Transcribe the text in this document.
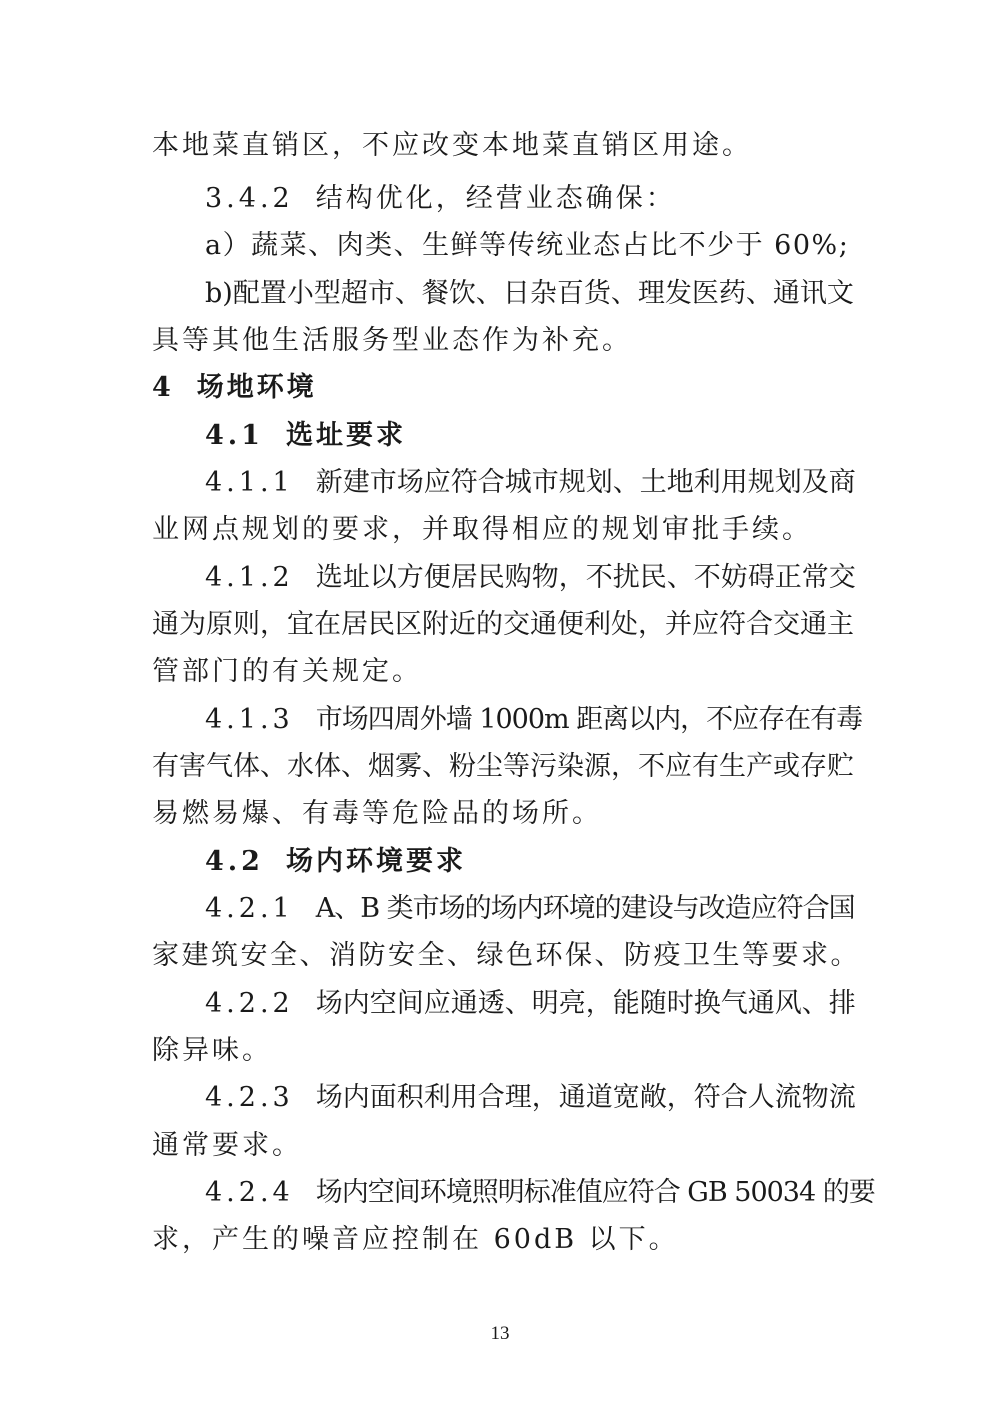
本地菜直销区，不应改变本地菜直销区用途。
3.4.2 结构优化，经营业态确保：
a）蔬菜、肉类、生鲜等传统业态占比不少于 60%;
b)配置小型超市、餐饮、日杂百货、理发医药、通讯文
具等其他生活服务型业态作为补充。
4 场地环境
4.1 选址要求
4.1.1 新建市场应符合城市规划、土地利用规划及商
业网点规划的要求，并取得相应的规划审批手续。
4.1.2 选址以方便居民购物，不扰民、不妨碍正常交
通为原则，宜在居民区附近的交通便利处，并应符合交通主
管部门的有关规定。
4.1.3 市场四周外墙 1000m 距离以内，不应存在有毒
有害气体、水体、烟雾、粉尘等污染源，不应有生产或存贮
易燃易爆、有毒等危险品的场所。
4.2 场内环境要求
4.2.1 A、B 类市场的场内环境的建设与改造应符合国
家建筑安全、消防安全、绿色环保、防疫卫生等要求。
4.2.2 场内空间应通透、明亮，能随时换气通风、排
除异味。
4.2.3 场内面积利用合理，通道宽敞，符合人流物流
通常要求。
4.2.4 场内空间环境照明标准值应符合 GB 50034 的要
求，产生的噪音应控制在 60dB 以下。
13
